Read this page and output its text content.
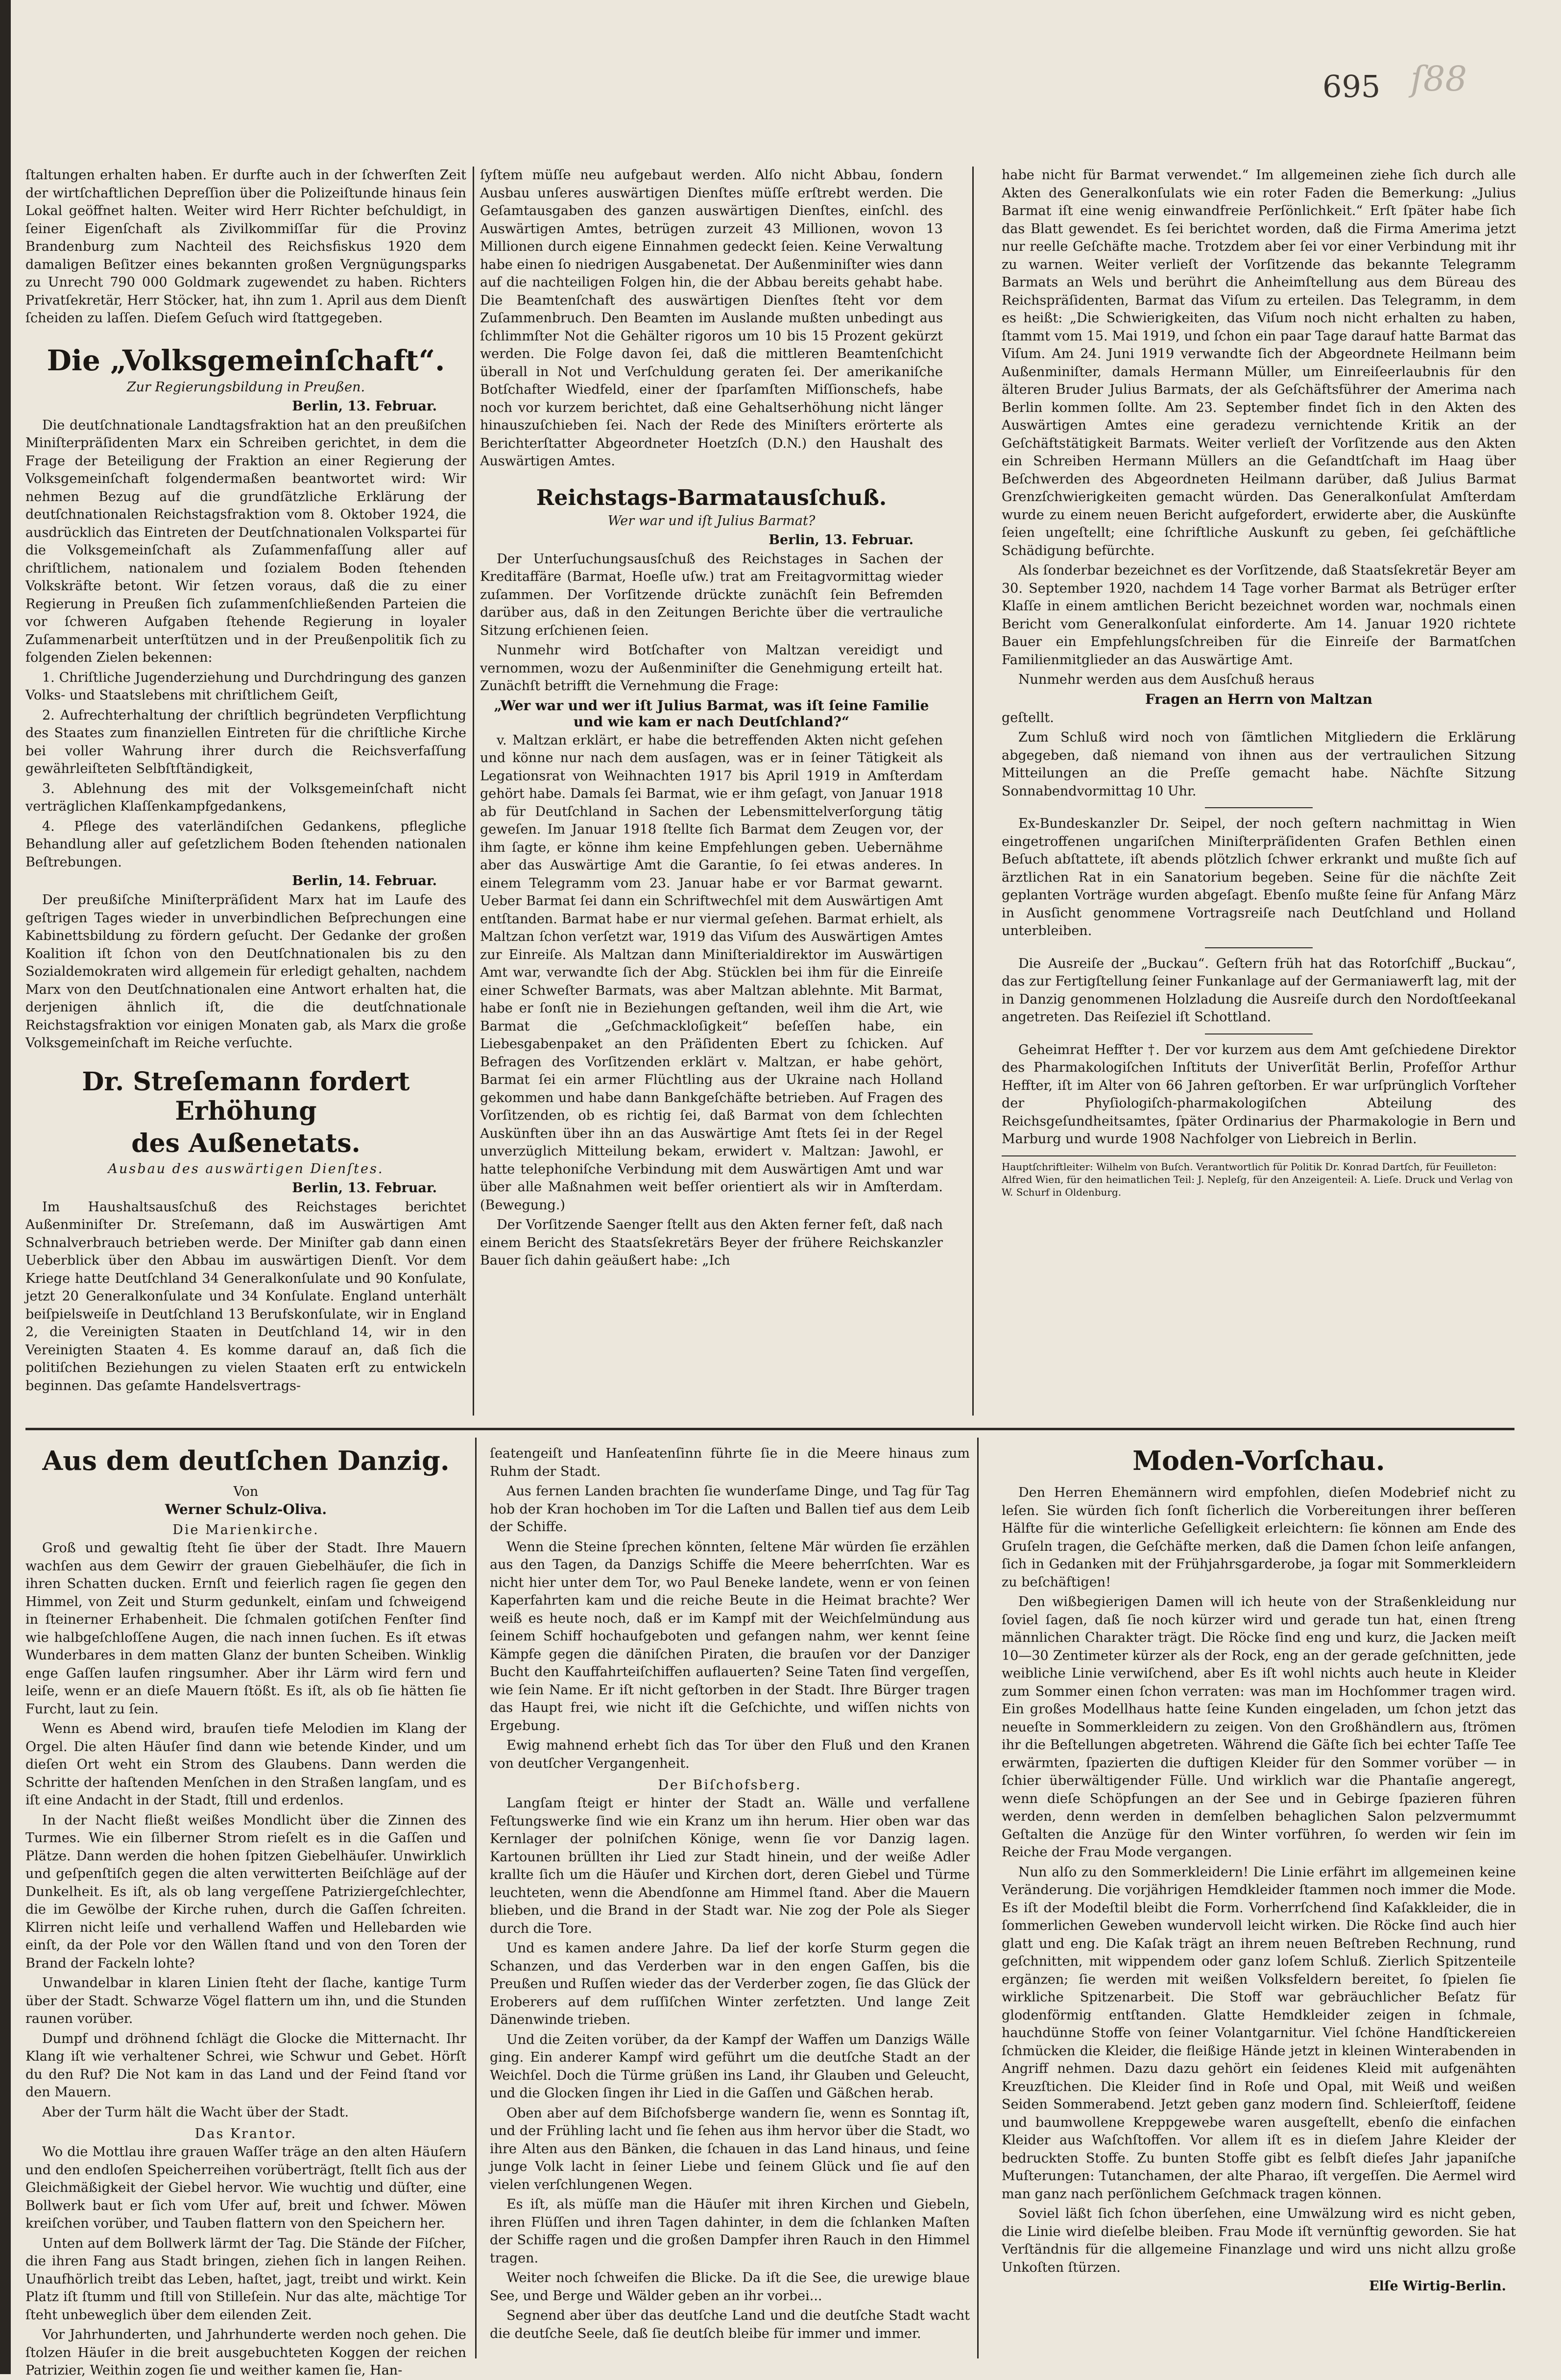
695 ſ88

ſtaltungen erhalten haben. Er durfte auch in der ſchwerſten Zeit der wirtſchaftlichen Depreſſion über die Polizeiſtunde hinaus ſein Lokal geöffnet halten. Weiter wird Herr Richter beſchuldigt, in ſeiner Eigenſchaft als Zivilkommiſſar für die Provinz Brandenburg zum Nachteil des Reichsfiskus 1920 dem damaligen Beſitzer eines bekannten großen Vergnügungsparks zu Unrecht 790 000 Goldmark zugewendet zu haben. Richters Privatſekretär, Herr Stöcker, hat, ihn zum 1. April aus dem Dienſt ſcheiden zu laſſen. Dieſem Geſuch wird ſtattgegeben.

Die „Volksgemeinſchaft“.
Zur Regierungsbildung in Preußen.
Berlin, 13. Februar.

Die deutſchnationale Landtagsfraktion hat an den preußiſchen Miniſterpräſidenten Marx ein Schreiben gerichtet, in dem die Frage der Beteiligung der Fraktion an einer Regierung der Volksgemeinſchaft folgendermaßen beantwortet wird: Wir nehmen Bezug auf die grundſätzliche Erklärung der deutſchnationalen Reichstagsfraktion vom 8. Oktober 1924, die ausdrücklich das Eintreten der Deutſchnationalen Volkspartei für die Volksgemeinſchaft als Zuſammenfaſſung aller auf chriſtlichem, nationalem und ſozialem Boden ſtehenden Volkskräfte betont. Wir ſetzen voraus, daß die zu einer Regierung in Preußen ſich zuſammenſchließenden Parteien die vor ſchweren Aufgaben ſtehende Regierung in loyaler Zuſammenarbeit unterſtützen und in der Preußenpolitik ſich zu folgenden Zielen bekennen:

1. Chriſtliche Jugenderziehung und Durchdringung des ganzen Volks- und Staatslebens mit chriſtlichem Geiſt,

2. Aufrechterhaltung der chriſtlich begründeten Verpflichtung des Staates zum finanziellen Eintreten für die chriſtliche Kirche bei voller Wahrung ihrer durch die Reichsverfaſſung gewährleiſteten Selbſtſtändigkeit,

3. Ablehnung des mit der Volksgemeinſchaft nicht verträglichen Klaſſenkampfgedankens,

4. Pflege des vaterländiſchen Gedankens, pflegliche Behandlung aller auf geſetzlichem Boden ſtehenden nationalen Beſtrebungen.

Berlin, 14. Februar.

Der preußiſche Miniſterpräſident Marx hat im Laufe des geſtrigen Tages wieder in unverbindlichen Beſprechungen eine Kabinettsbildung zu fördern geſucht. Der Gedanke der großen Koalition iſt ſchon von den Deutſchnationalen bis zu den Sozialdemokraten wird allgemein für erledigt gehalten, nachdem Marx von den Deutſchnationalen eine Antwort erhalten hat, die derjenigen ähnlich iſt, die die deutſchnationale Reichstagsfraktion vor einigen Monaten gab, als Marx die große Volksgemeinſchaft im Reiche verſuchte.

Dr. Streſemann fordert Erhöhung
des Außenetats.
Ausbau des auswärtigen Dienſtes.
Berlin, 13. Februar.

Im Haushaltsausſchuß des Reichstages berichtet Außenminiſter Dr. Streſemann, daß im Auswärtigen Amt Schnalverbrauch betrieben werde. Der Miniſter gab dann einen Ueberblick über den Abbau im auswärtigen Dienſt. Vor dem Kriege hatte Deutſchland 34 Generalkonſulate und 90 Konſulate, jetzt 20 Generalkonſulate und 34 Konſulate. England unterhält beiſpielsweiſe in Deutſchland 13 Berufskonſulate, wir in England 2, die Vereinigten Staaten in Deutſchland 14, wir in den Vereinigten Staaten 4. Es komme darauf an, daß ſich die politiſchen Beziehungen zu vielen Staaten erſt zu entwickeln beginnen. Das geſamte Handelsvertrags-

ſyſtem müſſe neu aufgebaut werden. Alſo nicht Abbau, ſondern Ausbau unſeres auswärtigen Dienſtes müſſe erſtrebt werden. Die Geſamtausgaben des ganzen auswärtigen Dienſtes, einſchl. des Auswärtigen Amtes, betrügen zurzeit 43 Millionen, wovon 13 Millionen durch eigene Einnahmen gedeckt ſeien. Keine Verwaltung habe einen ſo niedrigen Ausgabenetat. Der Außenminiſter wies dann auf die nachteiligen Folgen hin, die der Abbau bereits gehabt habe. Die Beamtenſchaft des auswärtigen Dienſtes ſteht vor dem Zuſammenbruch. Den Beamten im Auslande mußten unbedingt aus ſchlimmſter Not die Gehälter rigoros um 10 bis 15 Prozent gekürzt werden. Die Folge davon ſei, daß die mittleren Beamtenſchicht überall in Not und Verſchuldung geraten ſei. Der amerikaniſche Botſchafter Wiedfeld, einer der ſparſamſten Miſſionschefs, habe noch vor kurzem berichtet, daß eine Gehaltserhöhung nicht länger hinauszuſchieben ſei. Nach der Rede des Miniſters erörterte als Berichterſtatter Abgeordneter Hoetzſch (D.N.) den Haushalt des Auswärtigen Amtes.

Reichstags-Barmatausſchuß.
Wer war und iſt Julius Barmat?
Berlin, 13. Februar.

Der Unterſuchungsausſchuß des Reichstages in Sachen der Kreditaffäre (Barmat, Hoeſle uſw.) trat am Freitagvormittag wieder zuſammen. Der Vorſitzende drückte zunächſt ſein Befremden darüber aus, daß in den Zeitungen Berichte über die vertrauliche Sitzung erſchienen ſeien.

Nunmehr wird Botſchafter von Maltzan vereidigt und vernommen, wozu der Außenminiſter die Genehmigung erteilt hat. Zunächſt betrifft die Vernehmung die Frage:

„Wer war und wer iſt Julius Barmat, was iſt ſeine Familie und wie kam er nach Deutſchland?“

v. Maltzan erklärt, er habe die betreffenden Akten nicht geſehen und könne nur nach dem ausſagen, was er in ſeiner Tätigkeit als Legationsrat von Weihnachten 1917 bis April 1919 in Amſterdam gehört habe. Damals ſei Barmat, wie er ihm geſagt, von Januar 1918 ab für Deutſchland in Sachen der Lebensmittelverſorgung tätig geweſen. Im Januar 1918 ſtellte ſich Barmat dem Zeugen vor, der ihm ſagte, er könne ihm keine Empfehlungen geben. Uebernähme aber das Auswärtige Amt die Garantie, ſo ſei etwas anderes. In einem Telegramm vom 23. Januar habe er vor Barmat gewarnt. Ueber Barmat ſei dann ein Schriftwechſel mit dem Auswärtigen Amt entſtanden. Barmat habe er nur viermal geſehen. Barmat erhielt, als Maltzan ſchon verſetzt war, 1919 das Viſum des Auswärtigen Amtes zur Einreiſe. Als Maltzan dann Miniſterialdirektor im Auswärtigen Amt war, verwandte ſich der Abg. Stücklen bei ihm für die Einreiſe einer Schweſter Barmats, was aber Maltzan ablehnte. Mit Barmat, habe er ſonſt nie in Beziehungen geſtanden, weil ihm die Art, wie Barmat die „Geſchmackloſigkeit“ beſeſſen habe, ein Liebesgabenpaket an den Präſidenten Ebert zu ſchicken. Auf Befragen des Vorſitzenden erklärt v. Maltzan, er habe gehört, Barmat ſei ein armer Flüchtling aus der Ukraine nach Holland gekommen und habe dann Bankgeſchäfte betrieben. Auf Fragen des Vorſitzenden, ob es richtig ſei, daß Barmat von dem ſchlechten Auskünften über ihn an das Auswärtige Amt ſtets ſei in der Regel unverzüglich Mitteilung bekam, erwidert v. Maltzan: Jawohl, er hatte telephoniſche Verbindung mit dem Auswärtigen Amt und war über alle Maßnahmen weit beſſer orientiert als wir in Amſterdam. (Bewegung.)

Der Vorſitzende Saenger ſtellt aus den Akten ferner feſt, daß nach einem Bericht des Staatsſekretärs Beyer der frühere Reichskanzler Bauer ſich dahin geäußert habe: „Ich

habe nicht für Barmat verwendet.“ Im allgemeinen ziehe ſich durch alle Akten des Generalkonſulats wie ein roter Faden die Bemerkung: „Julius Barmat iſt eine wenig einwandfreie Perſönlichkeit.“ Erſt ſpäter habe ſich das Blatt gewendet. Es ſei berichtet worden, daß die Firma Amerima jetzt nur reelle Geſchäfte mache. Trotzdem aber ſei vor einer Verbindung mit ihr zu warnen. Weiter verlieſt der Vorſitzende das bekannte Telegramm Barmats an Wels und berührt die Anheimſtellung aus dem Büreau des Reichspräſidenten, Barmat das Viſum zu erteilen. Das Telegramm, in dem es heißt: „Die Schwierigkeiten, das Viſum noch nicht erhalten zu haben, ſtammt vom 15. Mai 1919, und ſchon ein paar Tage darauf hatte Barmat das Viſum. Am 24. Juni 1919 verwandte ſich der Abgeordnete Heilmann beim Außenminiſter, damals Hermann Müller, um Einreiſeerlaubnis für den älteren Bruder Julius Barmats, der als Geſchäftsführer der Amerima nach Berlin kommen ſollte. Am 23. September findet ſich in den Akten des Auswärtigen Amtes eine geradezu vernichtende Kritik an der Geſchäftstätigkeit Barmats. Weiter verlieſt der Vorſitzende aus den Akten ein Schreiben Hermann Müllers an die Geſandtſchaft im Haag über Beſchwerden des Abgeordneten Heilmann darüber, daß Julius Barmat Grenzſchwierigkeiten gemacht würden. Das Generalkonſulat Amſterdam wurde zu einem neuen Bericht aufgefordert, erwiderte aber, die Auskünfte ſeien ungeſtellt; eine ſchriftliche Auskunft zu geben, ſei geſchäftliche Schädigung befürchte.

Als ſonderbar bezeichnet es der Vorſitzende, daß Staatsſekretär Beyer am 30. September 1920, nachdem 14 Tage vorher Barmat als Betrüger erſter Klaſſe in einem amtlichen Bericht bezeichnet worden war, nochmals einen Bericht vom Generalkonſulat einforderte. Am 14. Januar 1920 richtete Bauer ein Empfehlungsſchreiben für die Einreiſe der Barmatſchen Familienmitglieder an das Auswärtige Amt.

Nunmehr werden aus dem Ausſchuß heraus

Fragen an Herrn von Maltzan

geſtellt.

Zum Schluß wird noch von ſämtlichen Mitgliedern die Erklärung abgegeben, daß niemand von ihnen aus der vertraulichen Sitzung Mitteilungen an die Preſſe gemacht habe. Nächſte Sitzung Sonnabendvormittag 10 Uhr.

Ex-Bundeskanzler Dr. Seipel, der noch geſtern nachmittag in Wien eingetroffenen ungariſchen Miniſterpräſidenten Grafen Bethlen einen Beſuch abſtattete, iſt abends plötzlich ſchwer erkrankt und mußte ſich auf ärztlichen Rat in ein Sanatorium begeben. Seine für die nächſte Zeit geplanten Vorträge wurden abgeſagt. Ebenſo mußte ſeine für Anfang März in Ausſicht genommene Vortragsreiſe nach Deutſchland und Holland unterbleiben.

Die Ausreiſe der „Buckau“. Geſtern früh hat das Rotorſchiff „Buckau“, das zur Fertigſtellung ſeiner Funkanlage auf der Germaniawerft lag, mit der in Danzig genommenen Holzladung die Ausreiſe durch den Nordoſtſeekanal angetreten. Das Reiſeziel iſt Schottland.

Geheimrat Heffter †. Der vor kurzem aus dem Amt geſchiedene Direktor des Pharmakologiſchen Inſtituts der Univerſität Berlin, Profeſſor Arthur Heffter, iſt im Alter von 66 Jahren geſtorben. Er war urſprünglich Vorſteher der Phyſiologiſch-pharmakologiſchen Abteilung des Reichsgeſundheitsamtes, ſpäter Ordinarius der Pharmakologie in Bern und Marburg und wurde 1908 Nachfolger von Liebreich in Berlin.

Hauptſchriftleiter: Wilhelm von Buſch. Verantwortlich für Politik Dr. Konrad Dartſch, für Feuilleton: Alfred Wien, für den heimatlichen Teil: J. Nepleſg, für den Anzeigenteil: A. Lieſe. Druck und Verlag von W. Schurf in Oldenburg.
Aus dem deutſchen Danzig.
Von
Werner Schulz-Oliva.
Die Marienkirche.

Groß und gewaltig ſteht ſie über der Stadt. Ihre Mauern wachſen aus dem Gewirr der grauen Giebelhäuſer, die ſich in ihren Schatten ducken. Ernſt und feierlich ragen ſie gegen den Himmel, von Zeit und Sturm gedunkelt, einſam und ſchweigend in ſteinerner Erhabenheit. Die ſchmalen gotiſchen Fenſter ſind wie halbgeſchloſſene Augen, die nach innen ſuchen. Es iſt etwas Wunderbares in dem matten Glanz der bunten Scheiben. Winklig enge Gaſſen laufen ringsumher. Aber ihr Lärm wird fern und leiſe, wenn er an dieſe Mauern ſtößt. Es iſt, als ob ſie hätten ſie Furcht, laut zu ſein.

Wenn es Abend wird, brauſen tiefe Melodien im Klang der Orgel. Die alten Häuſer ſind dann wie betende Kinder, und um dieſen Ort weht ein Strom des Glaubens. Dann werden die Schritte der haſtenden Menſchen in den Straßen langſam, und es iſt eine Andacht in der Stadt, ſtill und erdenlos.

In der Nacht fließt weißes Mondlicht über die Zinnen des Turmes. Wie ein ſilberner Strom rieſelt es in die Gaſſen und Plätze. Dann werden die hohen ſpitzen Giebelhäuſer. Unwirklich und geſpenſtiſch gegen die alten verwitterten Beiſchläge auf der Dunkelheit. Es iſt, als ob lang vergeſſene Patriziergeſchlechter, die im Gewölbe der Kirche ruhen, durch die Gaſſen ſchreiten. Klirren nicht leiſe und verhallend Waffen und Hellebarden wie einſt, da der Pole vor den Wällen ſtand und von den Toren der Brand der Fackeln lohte?

Unwandelbar in klaren Linien ſteht der ſlache, kantige Turm über der Stadt. Schwarze Vögel flattern um ihn, und die Stunden raunen vorüber.

Dumpf und dröhnend ſchlägt die Glocke die Mitternacht. Ihr Klang iſt wie verhaltener Schrei, wie Schwur und Gebet. Hörſt du den Ruf? Die Not kam in das Land und der Feind ſtand vor den Mauern.

Aber der Turm hält die Wacht über der Stadt.

Das Krantor.

Wo die Mottlau ihre grauen Waſſer träge an den alten Häuſern und den endloſen Speicherreihen vorüberträgt, ſtellt ſich aus der Gleichmäßigkeit der Giebel hervor. Wie wuchtig und düſter, eine Bollwerk baut er ſich vom Ufer auf, breit und ſchwer. Möwen kreiſchen vorüber, und Tauben flattern von den Speichern her.

Unten auf dem Bollwerk lärmt der Tag. Die Stände der Fiſcher, die ihren Fang aus Stadt bringen, ziehen ſich in langen Reihen. Unaufhörlich treibt das Leben, haſtet, jagt, treibt und wirkt. Kein Platz iſt ſtumm und ſtill von Stilleſein. Nur das alte, mächtige Tor ſteht unbeweglich über dem eilenden Zeit.

Vor Jahrhunderten, und Jahrhunderte werden noch gehen. Die ſtolzen Häuſer in die breit ausgebuchteten Koggen der reichen Patrizier, Weithin zogen ſie und weither kamen ſie, Han-

ſeatengeiſt und Hanſeatenſinn führte ſie in die Meere hinaus zum Ruhm der Stadt.

Aus fernen Landen brachten ſie wunderſame Dinge, und Tag für Tag hob der Kran hochoben im Tor die Laſten und Ballen tief aus dem Leib der Schiffe.

Wenn die Steine ſprechen könnten, ſeltene Mär würden ſie erzählen aus den Tagen, da Danzigs Schiffe die Meere beherrſchten. War es nicht hier unter dem Tor, wo Paul Beneke landete, wenn er von ſeinen Kaperfahrten kam und die reiche Beute in die Heimat brachte? Wer weiß es heute noch, daß er im Kampf mit der Weichſelmündung aus ſeinem Schiff hochaufgeboten und gefangen nahm, wer kennt ſeine Kämpfe gegen die däniſchen Piraten, die brauſen vor der Danziger Bucht den Kauffahrteiſchiffen auflauerten? Seine Taten ſind vergeſſen, wie ſein Name. Er iſt nicht geſtorben in der Stadt. Ihre Bürger tragen das Haupt frei, wie nicht iſt die Geſchichte, und wiſſen nichts von Ergebung.

Ewig mahnend erhebt ſich das Tor über den Fluß und den Kranen von deutſcher Vergangenheit.

Der Biſchofsberg.

Langſam ſteigt er hinter der Stadt an. Wälle und verfallene Feſtungswerke ſind wie ein Kranz um ihn herum. Hier oben war das Kernlager der polniſchen Könige, wenn ſie vor Danzig lagen. Kartounen brüllten ihr Lied zur Stadt hinein, und der weiße Adler krallte ſich um die Häuſer und Kirchen dort, deren Giebel und Türme leuchteten, wenn die Abendſonne am Himmel ſtand. Aber die Mauern blieben, und die Brand in der Stadt war. Nie zog der Pole als Sieger durch die Tore.

Und es kamen andere Jahre. Da lief der korſe Sturm gegen die Schanzen, und das Verderben war in den engen Gaſſen, bis die Preußen und Ruſſen wieder das der Verderber zogen, ſie das Glück der Eroberers auf dem ruſſiſchen Winter zerfetzten. Und lange Zeit Dänenwinde trieben.

Und die Zeiten vorüber, da der Kampf der Waffen um Danzigs Wälle ging. Ein anderer Kampf wird geführt um die deutſche Stadt an der Weichſel. Doch die Türme grüßen ins Land, ihr Glauben und Geleucht, und die Glocken ſingen ihr Lied in die Gaſſen und Gäßchen herab.

Oben aber auf dem Biſchofsberge wandern ſie, wenn es Sonntag iſt, und der Frühling lacht und ſie ſehen aus ihm hervor über die Stadt, wo ihre Alten aus den Bänken, die ſchauen in das Land hinaus, und ſeine junge Volk lacht in ſeiner Liebe und ſeinem Glück und ſie auf den vielen verſchlungenen Wegen.

Es iſt, als müſſe man die Häuſer mit ihren Kirchen und Giebeln, ihren Flüſſen und ihren Tagen dahinter, in dem die ſchlanken Maſten der Schiffe ragen und die großen Dampfer ihren Rauch in den Himmel tragen.

Weiter noch ſchweifen die Blicke. Da iſt die See, die urewige blaue See, und Berge und Wälder geben an ihr vorbei...

Segnend aber über das deutſche Land und die deutſche Stadt wacht die deutſche Seele, daß ſie deutſch bleibe für immer und immer.

Moden-Vorſchau.

Den Herren Ehemännern wird empfohlen, dieſen Modebrief nicht zu leſen. Sie würden ſich ſonſt ſicherlich die Vorbereitungen ihrer beſſeren Hälfte für die winterliche Geſelligkeit erleichtern: ſie können am Ende des Gruſeln tragen, die Geſchäfte merken, daß die Damen ſchon leiſe anfangen, ſich in Gedanken mit der Frühjahrsgarderobe, ja ſogar mit Sommerkleidern zu beſchäftigen!

Den wißbegierigen Damen will ich heute von der Straßenkleidung nur ſoviel ſagen, daß ſie noch kürzer wird und gerade tun hat, einen ſtreng männlichen Charakter trägt. Die Röcke ſind eng und kurz, die Jacken meiſt 10—30 Zentimeter kürzer als der Rock, eng an der gerade geſchnitten, jede weibliche Linie verwiſchend, aber Es iſt wohl nichts auch heute in Kleider zum Sommer einen ſchon verraten: was man im Hochſommer tragen wird. Ein großes Modellhaus hatte ſeine Kunden eingeladen, um ſchon jetzt das neueſte in Sommerkleidern zu zeigen. Von den Großhändlern aus, ſtrömen ihr die Beſtellungen abgetreten. Während die Gäſte ſich bei echter Taſſe Tee erwärmten, ſpazierten die duftigen Kleider für den Sommer vorüber — in ſchier überwältigender Fülle. Und wirklich war die Phantaſie angeregt, wenn dieſe Schöpfungen an der See und in Gebirge ſpazieren führen werden, denn werden in demſelben behaglichen Salon pelzvermummt Geſtalten die Anzüge für den Winter vorführen, ſo werden wir ſein im Reiche der Frau Mode vergangen.

Nun alſo zu den Sommerkleidern! Die Linie erfährt im allgemeinen keine Veränderung. Die vorjährigen Hemdkleider ſtammen noch immer die Mode. Es iſt der Modeſtil bleibt die Form. Vorherrſchend ſind Kaſakkleider, die in ſommerlichen Geweben wundervoll leicht wirken. Die Röcke ſind auch hier glatt und eng. Die Kaſak trägt an ihrem neuen Beſtreben Rechnung, rund geſchnitten, mit wippendem oder ganz loſem Schluß. Zierlich Spitzenteile ergänzen; ſie werden mit weißen Volksfeldern bereitet, ſo ſpielen ſie wirkliche Spitzenarbeit. Die Stoff war gebräuchlicher Beſatz für glodenförmig entſtanden. Glatte Hemdkleider zeigen in ſchmale, hauchdünne Stoffe von ſeiner Volantgarnitur. Viel ſchöne Handſtickereien ſchmücken die Kleider, die fleißige Hände jetzt in kleinen Winterabenden in Angriff nehmen. Dazu dazu gehört ein ſeidenes Kleid mit aufgenähten Kreuzſtichen. Die Kleider ſind in Roſe und Opal, mit Weiß und weißen Seiden Sommerabend. Jetzt geben ganz modern ſind. Schleierſtoff, ſeidene und baumwollene Kreppgewebe waren ausgeſtellt, ebenſo die einfachen Kleider aus Waſchſtoffen. Vor allem iſt es in dieſem Jahre Kleider der bedruckten Stoffe. Zu bunten Stoffe gibt es ſelbſt dieſes Jahr japaniſche Muſterungen: Tutanchamen, der alte Pharao, iſt vergeſſen. Die Aermel wird man ganz nach perſönlichem Geſchmack tragen können.

Soviel läßt ſich ſchon überſehen, eine Umwälzung wird es nicht geben, die Linie wird dieſelbe bleiben. Frau Mode iſt vernünftig geworden. Sie hat Verſtändnis für die allgemeine Finanzlage und wird uns nicht allzu große Unkoſten ſtürzen.

Elſe Wirtig-Berlin.
